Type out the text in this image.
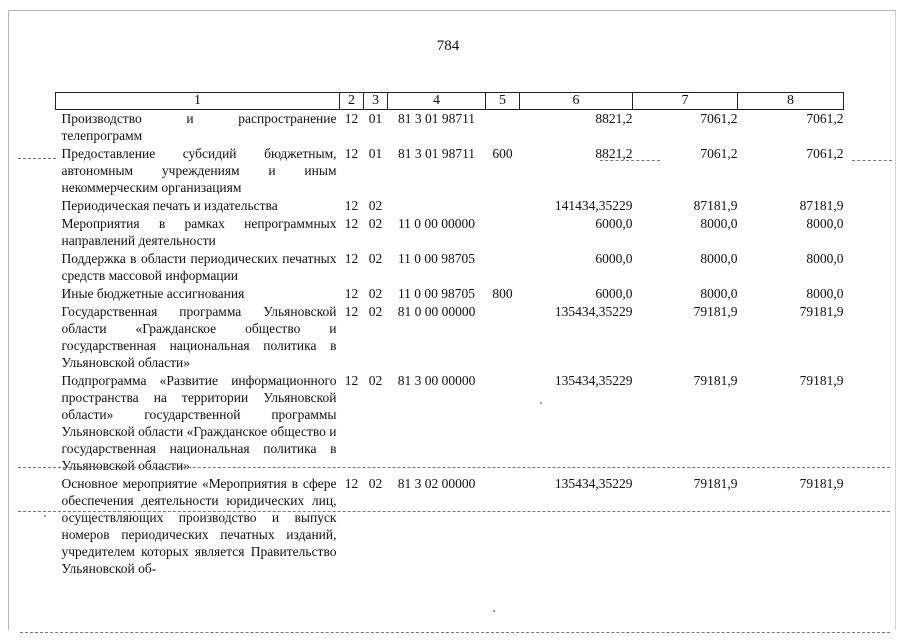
784
1	2	3	4	5	6	7	8
Производство и распространение телепрограмм	12	01	81 3 01 98711		8821,2	7061,2	7061,2
Предоставление субсидий бюджетным, автономным учреждениям и иным некоммерческим организациям	12	01	81 3 01 98711	600	8821,2	7061,2	7061,2
Периодическая печать и издательства	12	02			141434,35229	87181,9	87181,9
Мероприятия в рамках непрограммных направлений деятельности	12	02	11 0 00 00000		6000,0	8000,0	8000,0
Поддержка в области периодических печатных средств массовой информации	12	02	11 0 00 98705		6000,0	8000,0	8000,0
Иные бюджетные ассигнования	12	02	11 0 00 98705	800	6000,0	8000,0	8000,0
Государственная программа Ульяновской области «Гражданское общество и государственная национальная политика в Ульяновской области»	12	02	81 0 00 00000		135434,35229	79181,9	79181,9
Подпрограмма «Развитие информационного пространства на территории Ульяновской области» государственной программы Ульяновской области «Гражданское общество и государственная национальная политика в Ульяновской области»	12	02	81 3 00 00000		135434,35229	79181,9	79181,9
Основное мероприятие «Мероприятия в сфере обеспечения деятельности юридических лиц, осуществляющих производство и выпуск номеров периодических печатных изданий, учредителем которых является Правительство Ульяновской об-	12	02	81 3 02 00000		135434,35229	79181,9	79181,9
